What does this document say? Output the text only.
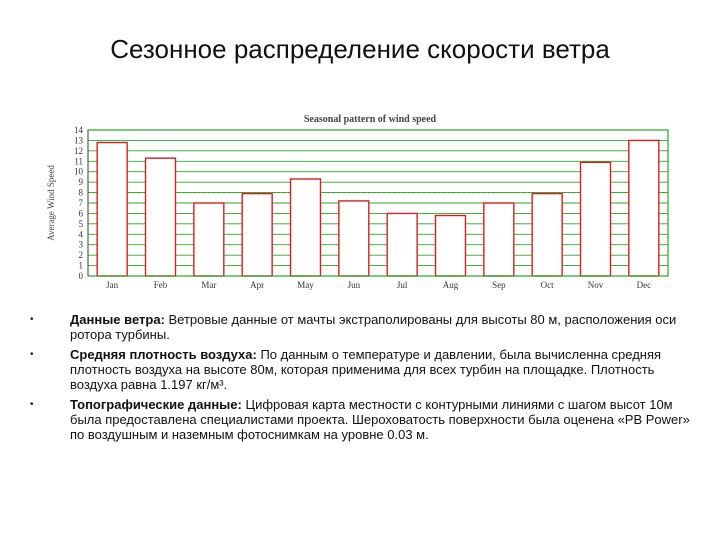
Сезонное распределение скорости ветра
Seasonal pattern of wind speed
Average Wind Speed
0
1
2
3
4
5
6
7
8
9
10
11
12
13
14
Jan	Feb	Mar	Apr	May	Jun	Jul	Aug	Sep	Oct	Nov	Dec
• Данные ветра: Ветровые данные от мачты экстраполированы для высоты 80 м, расположения оси ротора турбины.
• Средняя плотность воздуха: По данным о температуре и давлении, была вычисленна средняя плотность воздуха на высоте 80м, которая применима для всех турбин на площадке. Плотность воздуха равна 1.197 кг/м³.
• Топографические данные: Цифровая карта местности с контурными линиями с шагом высот 10м была предоставлена специалистами проекта. Шероховатость поверхности была оценена «PB Power» по воздушным и наземным фотоснимкам на уровне 0.03 м.
